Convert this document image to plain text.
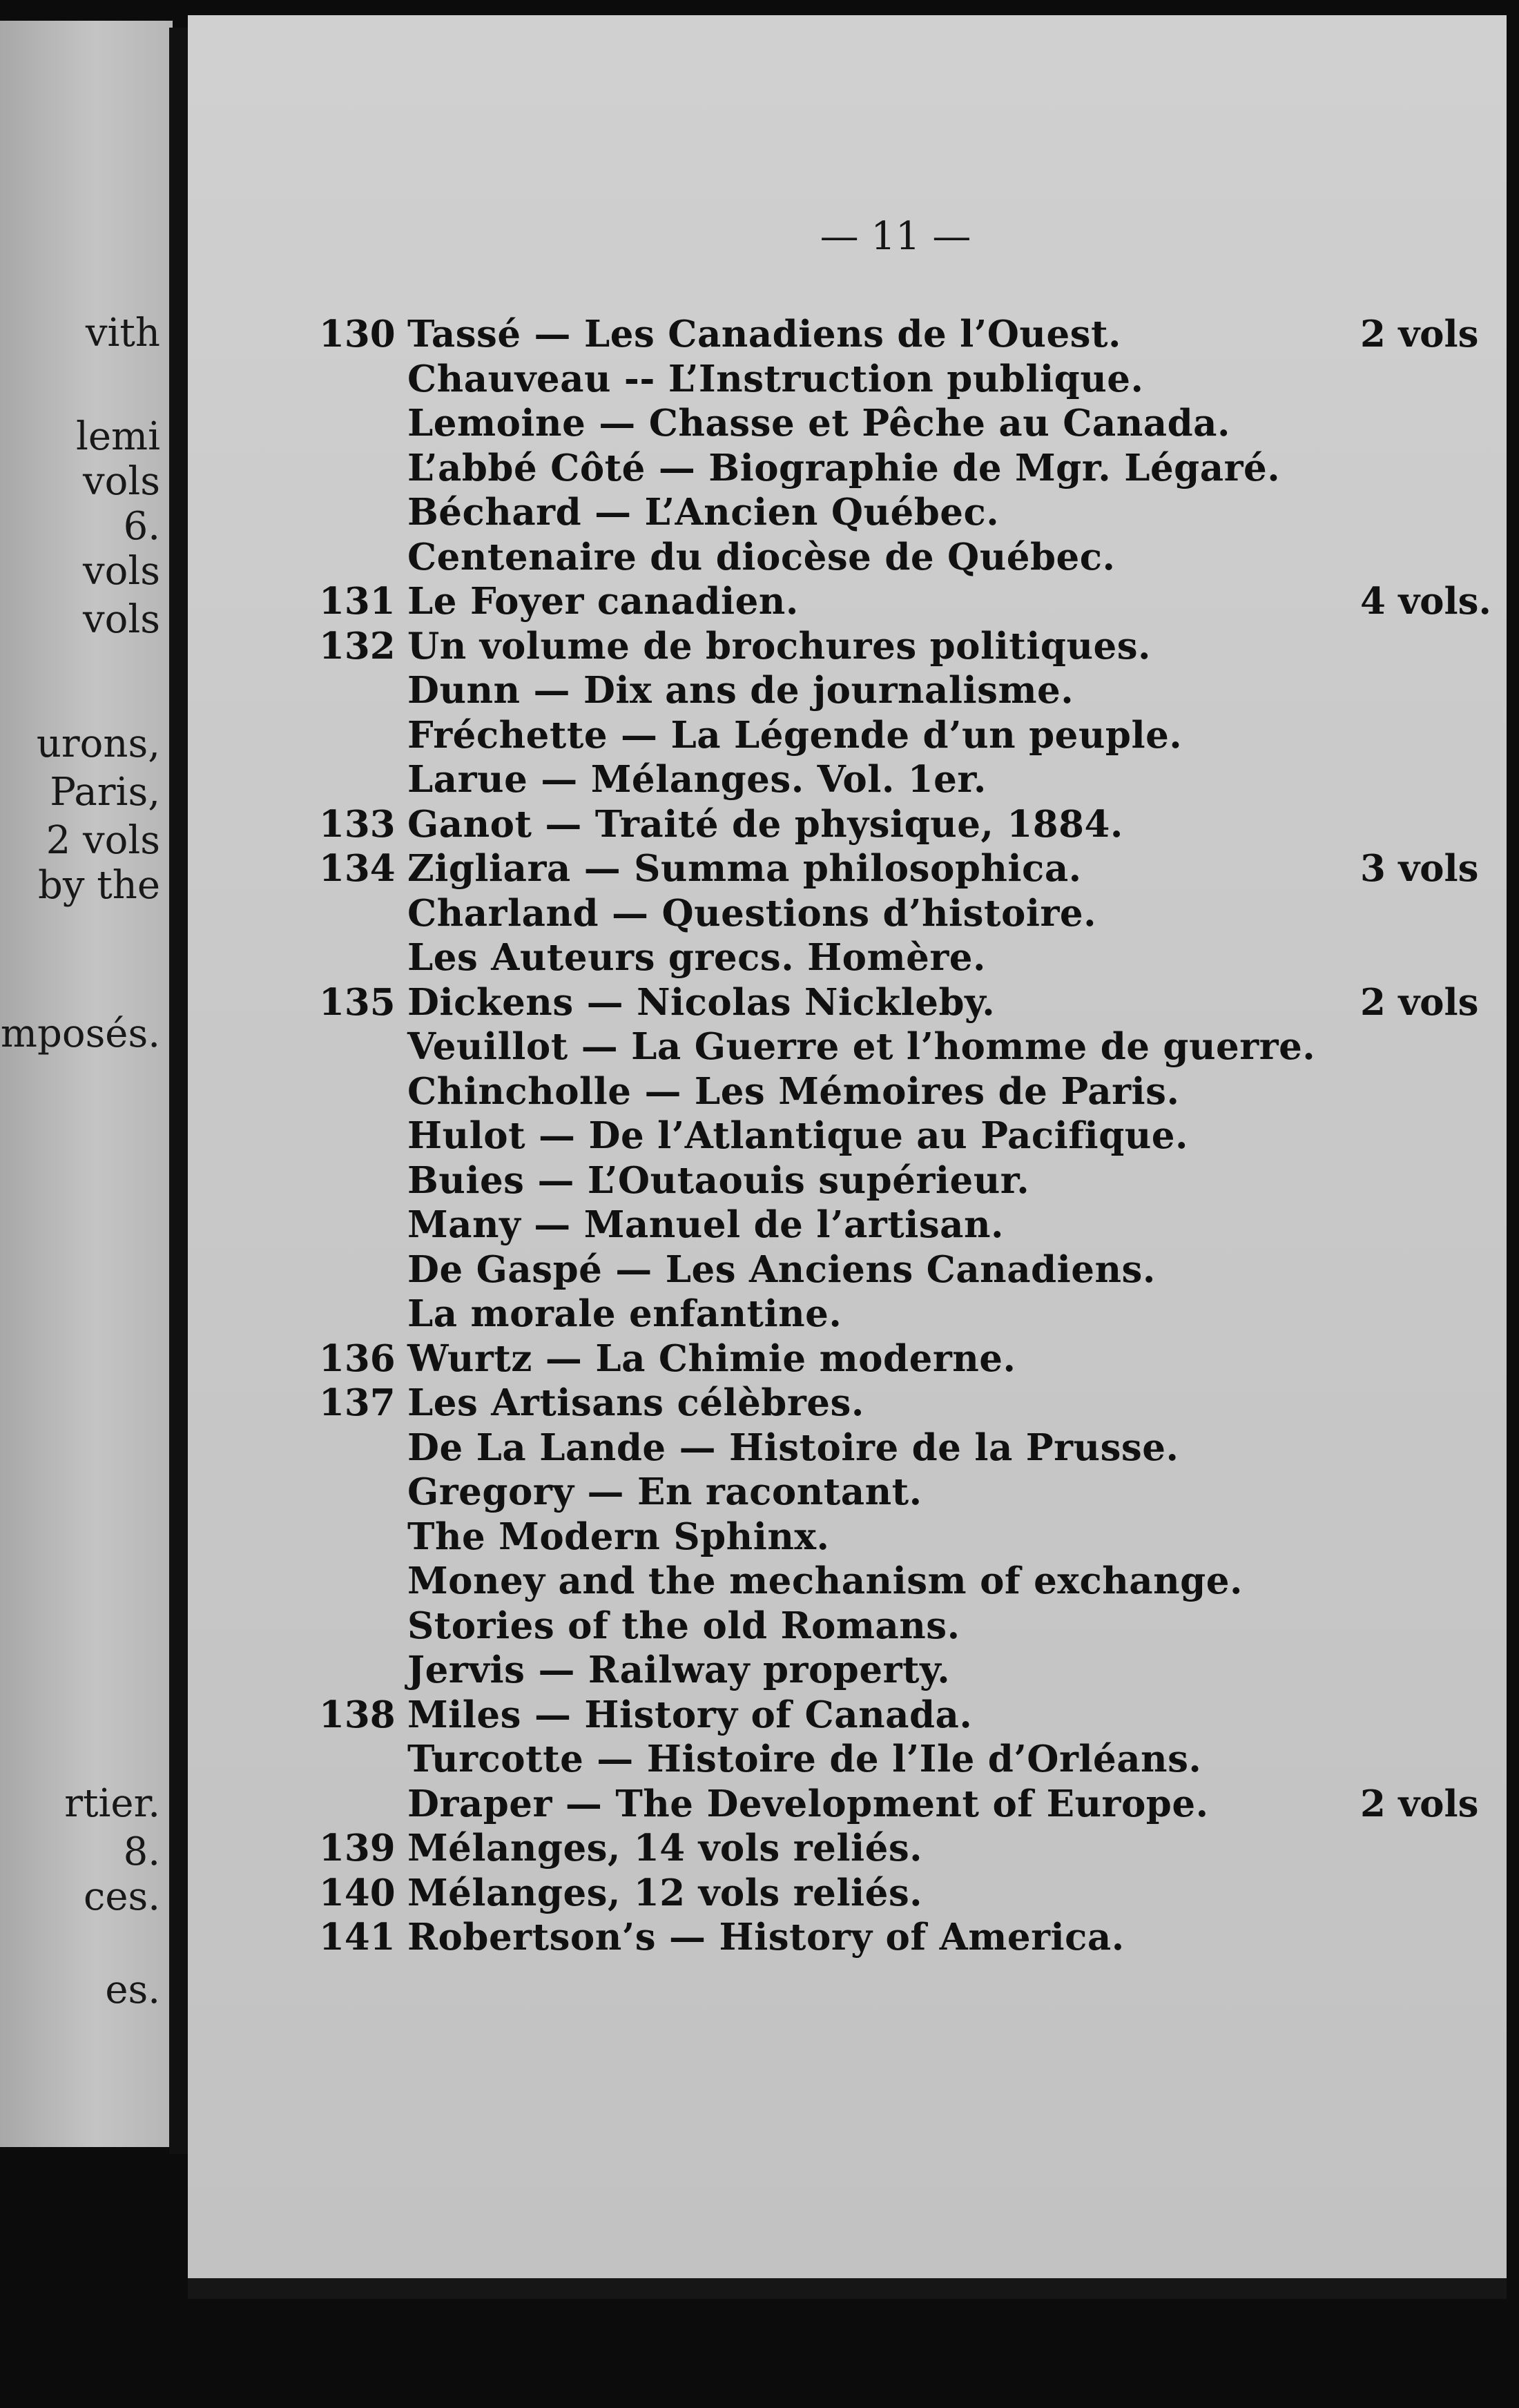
vith
lemi
vols
6.
vols
vols
urons,
Paris,
2 vols
by the
mposés.
rtier.
8.
ces.
es.
— 11 —
130 Tassé — Les Canadiens de l’Ouest.	2 vols
Chauveau -- L’Instruction publique.
Lemoine — Chasse et Pêche au Canada.
L’abbé Côté — Biographie de Mgr. Légaré.
Béchard — L’Ancien Québec.
Centenaire du diocèse de Québec.
131 Le Foyer canadien.	4 vols.
132 Un volume de brochures politiques.
Dunn — Dix ans de journalisme.
Fréchette — La Légende d’un peuple.
Larue — Mélanges. Vol. 1er.
133 Ganot — Traité de physique, 1884.
134 Zigliara — Summa philosophica.	3 vols
Charland — Questions d’histoire.
Les Auteurs grecs. Homère.
135 Dickens — Nicolas Nickleby.	2 vols
Veuillot — La Guerre et l’homme de guerre.
Chincholle — Les Mémoires de Paris.
Hulot — De l’Atlantique au Pacifique.
Buies — L’Outaouis supérieur.
Many — Manuel de l’artisan.
De Gaspé — Les Anciens Canadiens.
La morale enfantine.
136 Wurtz — La Chimie moderne.
137 Les Artisans célèbres.
De La Lande — Histoire de la Prusse.
Gregory — En racontant.
The Modern Sphinx.
Money and the mechanism of exchange.
Stories of the old Romans.
Jervis — Railway property.
138 Miles — History of Canada.
Turcotte — Histoire de l’Ile d’Orléans.
Draper — The Development of Europe.	2 vols
139 Mélanges, 14 vols reliés.
140 Mélanges, 12 vols reliés.
141 Robertson’s — History of America.
